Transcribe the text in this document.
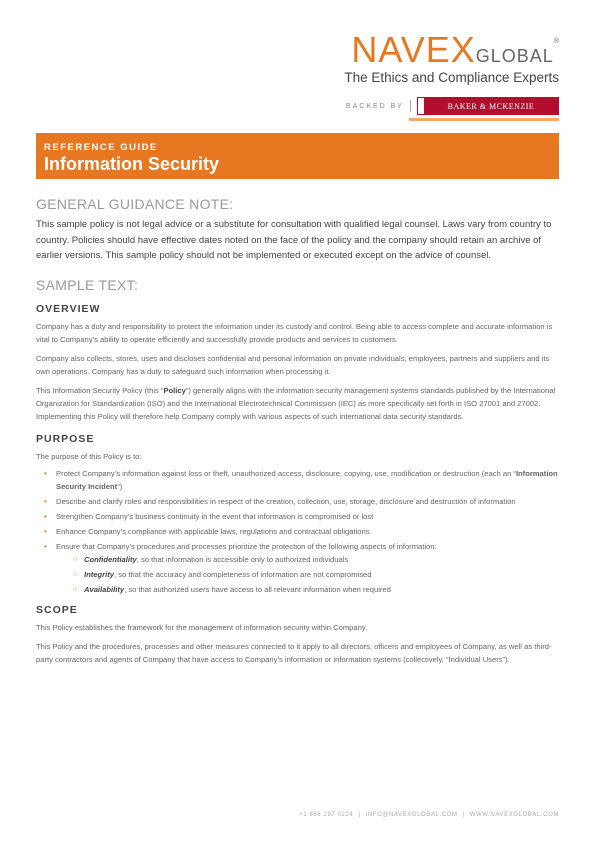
NAVEXGLOBAL®
The Ethics and Compliance Experts
BACKED BY	BAKER & MCKENZIE
REFERENCE GUIDE
Information Security
GENERAL GUIDANCE NOTE:

This sample policy is not legal advice or a substitute for consultation with qualified legal counsel. Laws vary from country to country. Policies should have effective dates noted on the face of the policy and the company should retain an archive of earlier versions. This sample policy should not be implemented or executed except on the advice of counsel.

SAMPLE TEXT:
OVERVIEW

Company has a duty and responsibility to protect the information under its custody and control. Being able to access complete and accurate information is vital to Company’s ability to operate efficiently and successfully provide products and services to customers.

Company also collects, stores, uses and discloses confidential and personal information on private individuals, employees, partners and suppliers and its own operations. Company has a duty to safeguard such information when processing it.

This Information Security Policy (this “Policy”) generally aligns with the information security management systems standards published by the International Organization for Standardization (ISO) and the International Electrotechnical Commission (IEC) as more specifically set forth in ISO 27001 and 27002. Implementing this Policy will therefore help Company comply with various aspects of such international data security standards.

PURPOSE

The purpose of this Policy is to:

• Protect Company’s information against loss or theft, unauthorized access, disclosure, copying, use, modification or destruction (each an “Information Security Incident”)
• Describe and clarify roles and responsibilities in respect of the creation, collection, use, storage, disclosure and destruction of information
• Strengthen Company’s business continuity in the event that information is compromised or lost
• Enhance Company’s compliance with applicable laws, regulations and contractual obligations
• Ensure that Company’s procedures and processes prioritize the protection of the following aspects of information:
○ Confidentiality, so that information is accessible only to authorized individuals
○ Integrity, so that the accuracy and completeness of information are not compromised
○ Availability, so that authorized users have access to all relevant information when required
SCOPE

This Policy establishes the framework for the management of information security within Company.

This Policy and the procedures, processes and other measures connected to it apply to all directors, officers and employees of Company, as well as third-party contractors and agents of Company that have access to Company’s information or information systems (collectively, “Individual Users”).

+1 866 297 0224 | INFO@NAVEXGLOBAL.COM | WWW.NAVEXGLOBAL.COM
